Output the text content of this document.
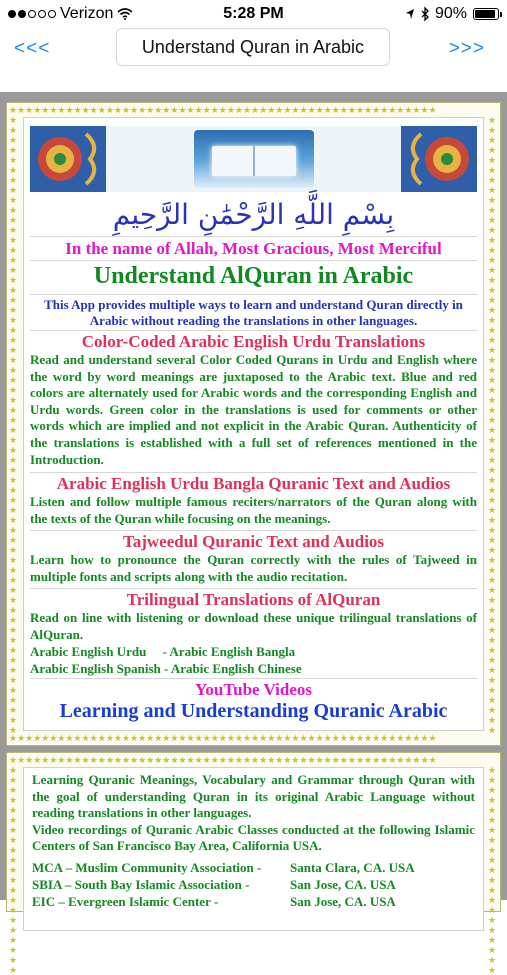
Verizon	5:28 PM	90%
<<<	Understand Quran in Arabic	>>>
★★★★★★★★★★★★★★★★★★★★★★★★★★★★★★★★★★★★★★★★★★★★★★★★★★★★★
★★★★★★★★★★★★★★★★★★★★★★★★★★★★★★★★★★★★★★★★★★★★★★★★★★★★★
★★★★★★★★★★★★★★★★★★★★★★★★★★★★★★★★★★★★★★★★★★★★★★★★★★★★★★★★★★★★★★
★★★★★★★★★★★★★★★★★★★★★★★★★★★★★★★★★★★★★★★★★★★★★★★★★★★★★★★★★★★★★★
بِسْمِ اللَّهِ الرَّحْمَٰنِ الرَّحِيمِ
In the name of Allah, Most Gracious, Most Merciful
Understand AlQuran in Arabic
This App provides multiple ways to learn and understand Quran directly in Arabic without reading the translations in other languages.
Color-Coded Arabic English Urdu Translations
Read and understand several Color Coded Qurans in Urdu and English where the word by word meanings are juxtaposed to the Arabic text. Blue and red colors are alternately used for Arabic words and the corresponding English and Urdu words. Green color in the translations is used for comments or other words which are implied and not explicit in the Arabic Quran. Authenticity of the translations is established with a full set of references mentioned in the Introduction.
Arabic English Urdu Bangla Quranic Text and Audios
Listen and follow multiple famous reciters/narrators of the Quran along with the texts of the Quran while focusing on the meanings.
Tajweedul Quranic Text and Audios
Learn how to pronounce the Quran correctly with the rules of Tajweed in multiple fonts and scripts along with the audio recitation.
Trilingual Translations of AlQuran
Read on line with listening or download these unique trilingual translations of AlQuran.
Arabic English Urdu     - Arabic English Bangla
Arabic English Spanish - Arabic English Chinese
YouTube Videos
Learning and Understanding Quranic Arabic
★★★★★★★★★★★★★★★★★★★★★★★★★★★★★★★★★★★★★★★★★★★★★★★★★★★★★
★★★★★★★★★★★★★★★★★★★★★
★★★★★★★★★★★★★★★★★★★★★
Learning Quranic Meanings, Vocabulary and Grammar through Quran with the goal of understanding Quran in its original Arabic Language without reading translations in other languages.
Video recordings of Quranic Arabic Classes conducted at the following Islamic Centers of San Francisco Bay Area, California USA.
MCA – Muslim Community Association -	Santa Clara, CA. USA
SBIA – South Bay Islamic Association -	San Jose, CA. USA
EIC – Evergreen Islamic Center -	San Jose, CA. USA
